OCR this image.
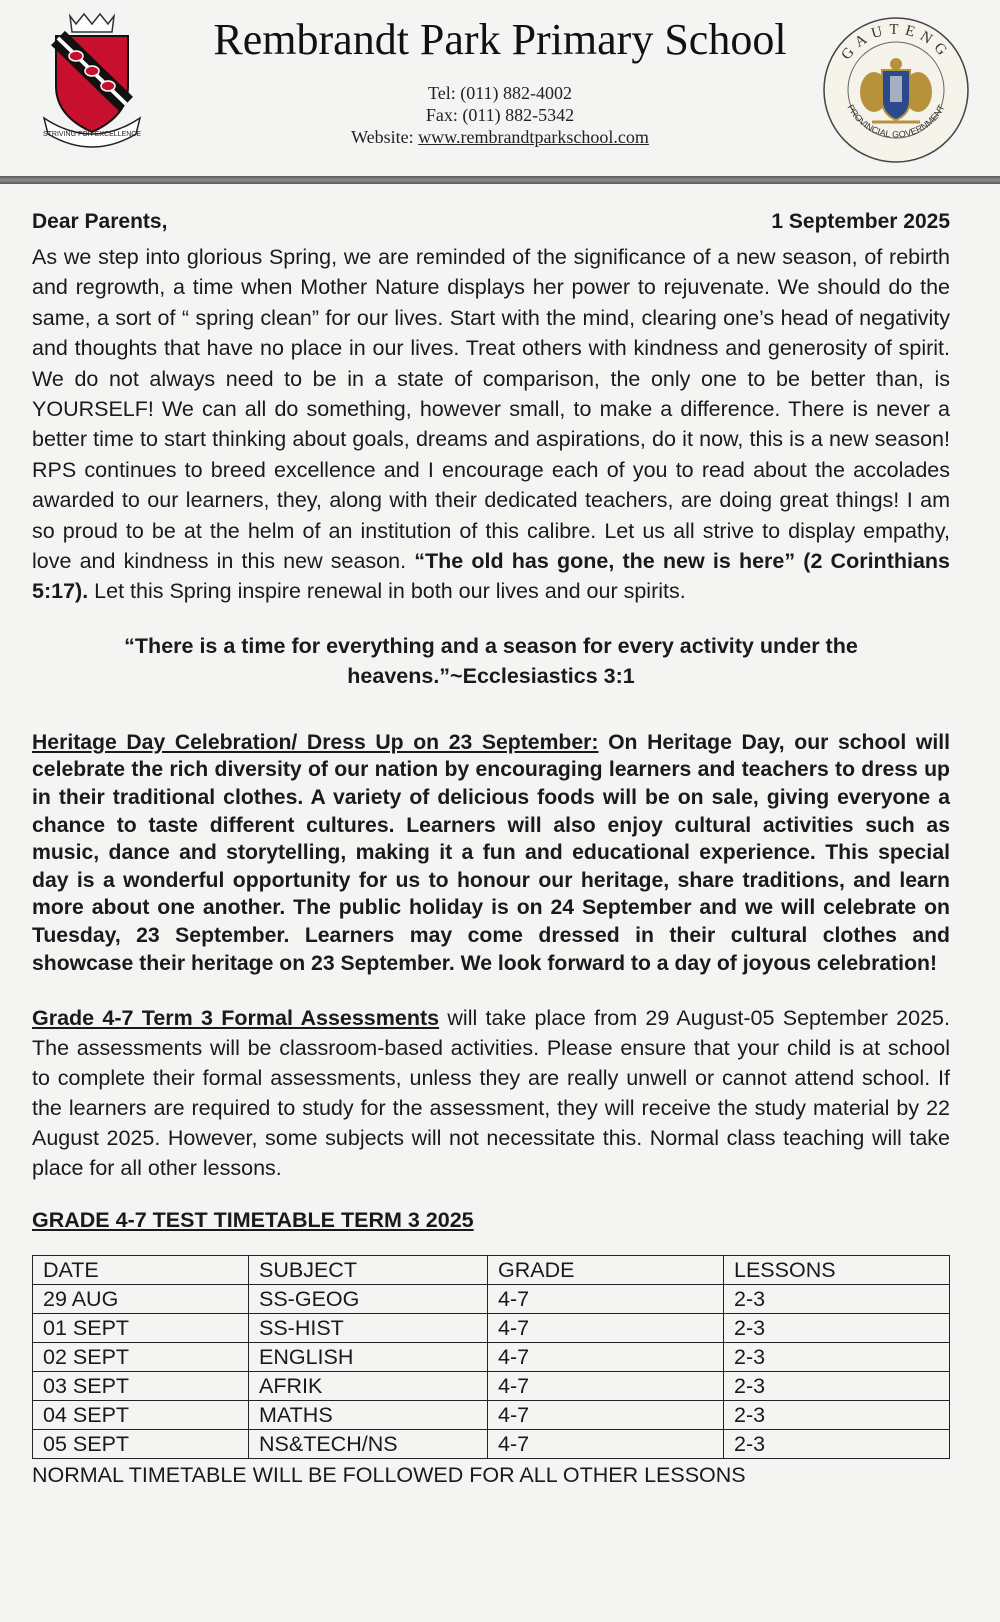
STRIVING FOR EXCELLENCE
Rembrandt Park Primary School
Tel: (011) 882-4002
Fax: (011) 882-5342
Website: www.rembrandtparkschool.com
GAUTENG
PROVINCIAL GOVERNMENT
Dear Parents,	1 September 2025

As we step into glorious Spring, we are reminded of the significance of a new season, of rebirth and regrowth, a time when Mother Nature displays her power to rejuvenate. We should do the same, a sort of “ spring clean” for our lives. Start with the mind, clearing one’s head of negativity and thoughts that have no place in our lives. Treat others with kindness and generosity of spirit. We do not always need to be in a state of comparison, the only one to be better than, is YOURSELF! We can all do something, however small, to make a difference. There is never a better time to start thinking about goals, dreams and aspirations, do it now, this is a new season! RPS continues to breed excellence and I encourage each of you to read about the accolades awarded to our learners, they, along with their dedicated teachers, are doing great things! I am so proud to be at the helm of an institution of this calibre. Let us all strive to display empathy, love and kindness in this new season. “The old has gone, the new is here” (2 Corinthians 5:17). Let this Spring inspire renewal in both our lives and our spirits.

“There is a time for everything and a season for every activity under the heavens.”~Ecclesiastics 3:1

Heritage Day Celebration/ Dress Up on 23 September: On Heritage Day, our school will celebrate the rich diversity of our nation by encouraging learners and teachers to dress up in their traditional clothes. A variety of delicious foods will be on sale, giving everyone a chance to taste different cultures. Learners will also enjoy cultural activities such as music, dance and storytelling, making it a fun and educational experience. This special day is a wonderful opportunity for us to honour our heritage, share traditions, and learn more about one another. The public holiday is on 24 September and we will celebrate on Tuesday, 23 September. Learners may come dressed in their cultural clothes and showcase their heritage on 23 September. We look forward to a day of joyous celebration!

Grade 4-7 Term 3 Formal Assessments will take place from 29 August-05 September 2025. The assessments will be classroom-based activities. Please ensure that your child is at school to complete their formal assessments, unless they are really unwell or cannot attend school. If the learners are required to study for the assessment, they will receive the study material by 22 August 2025. However, some subjects will not necessitate this. Normal class teaching will take place for all other lessons.

GRADE 4-7 TEST TIMETABLE TERM 3 2025
DATE	SUBJECT	GRADE	LESSONS
29 AUG	SS-GEOG	4-7	2-3
01 SEPT	SS-HIST	4-7	2-3
02 SEPT	ENGLISH	4-7	2-3
03 SEPT	AFRIK	4-7	2-3
04 SEPT	MATHS	4-7	2-3
05 SEPT	NS&TECH/NS	4-7	2-3
NORMAL TIMETABLE WILL BE FOLLOWED FOR ALL OTHER LESSONS
